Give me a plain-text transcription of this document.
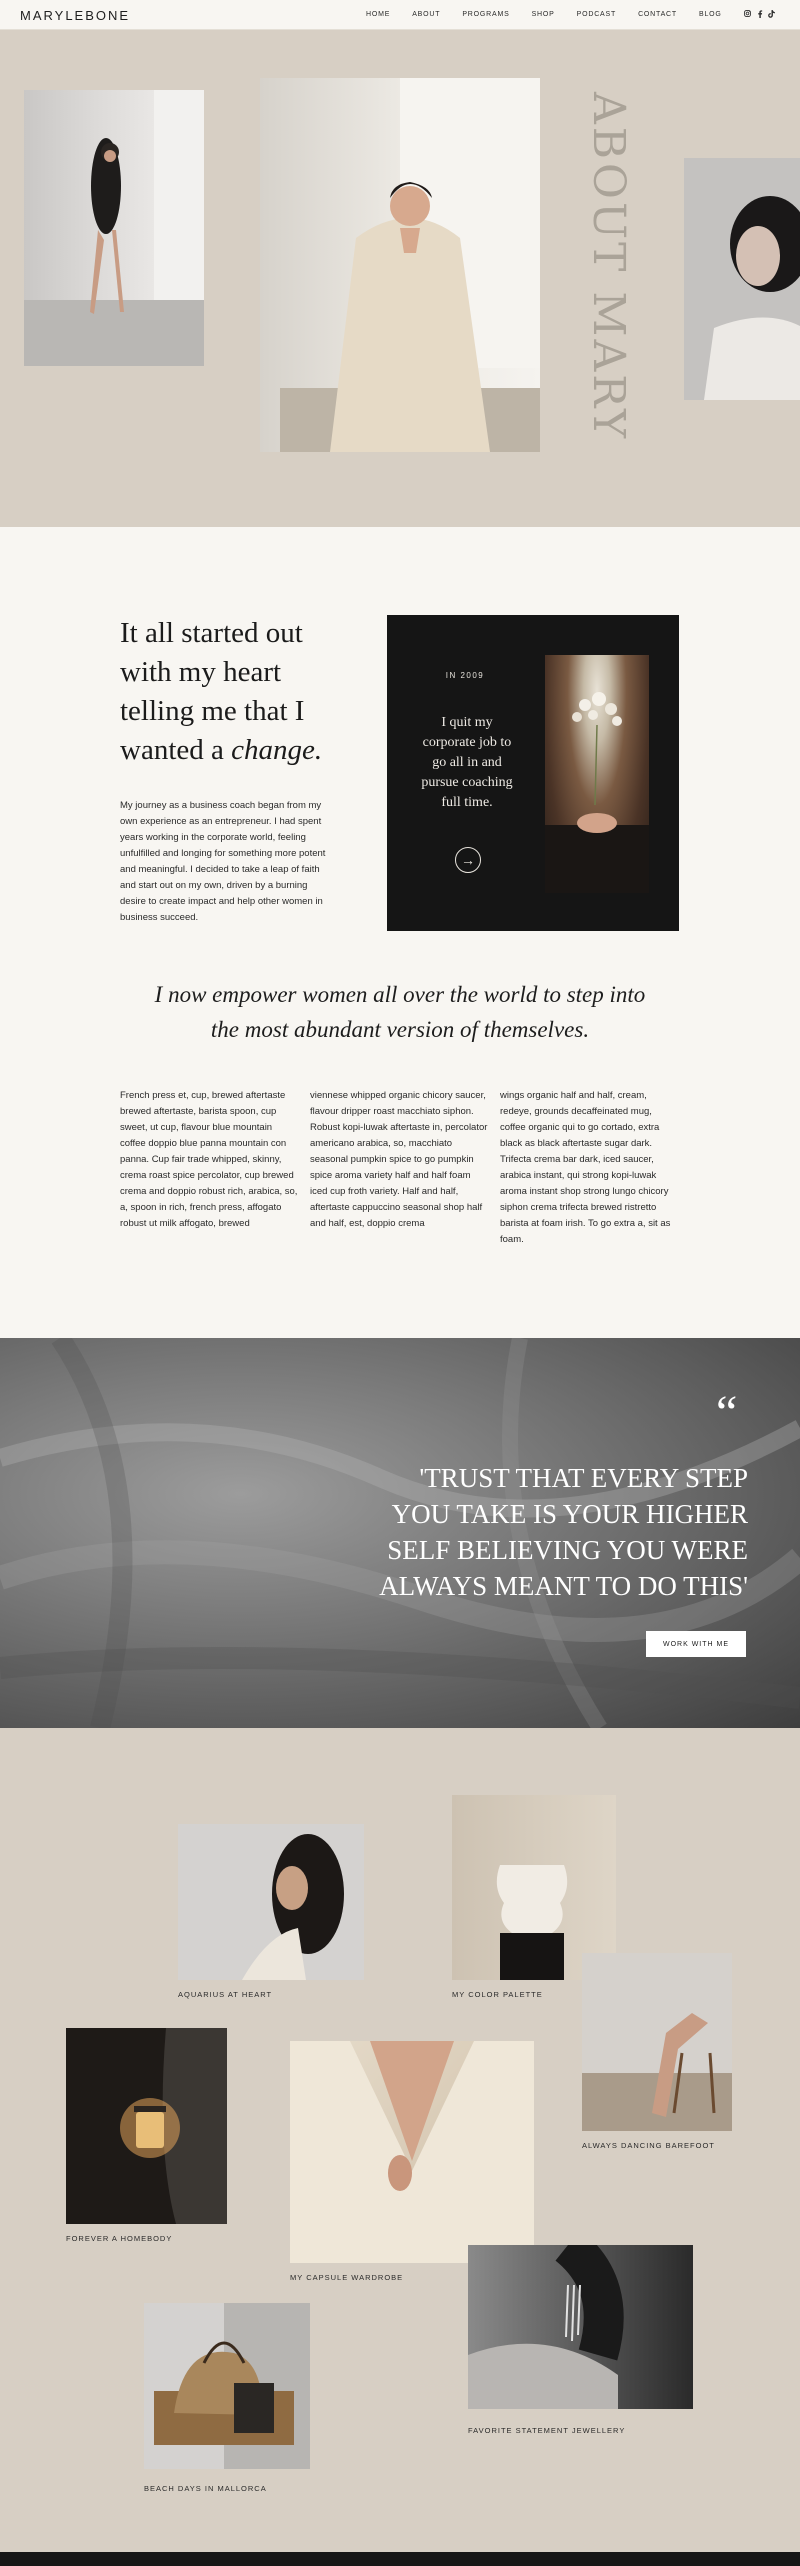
MARYLEBONE	HOME	ABOUT	PROGRAMS	SHOP	PODCAST	CONTACT	BLOG
ABOUT MARY
It all started out
with my heart
telling me that I
wanted a change.

My journey as a business coach began from my own experience as an entrepreneur. I had spent years working in the corporate world, feeling unfulfilled and longing for something more potent and meaningful. I decided to take a leap of faith and start out on my own, driven by a burning desire to create impact and help other women in business succeed.

IN 2009
I quit my corporate job to go all in and pursue coaching full time.
→

I now empower women all over the world to step into the most abundant version of themselves.

French press et, cup, brewed aftertaste brewed aftertaste, barista spoon, cup sweet, ut cup, flavour blue mountain coffee doppio blue panna mountain con panna. Cup fair trade whipped, skinny, crema roast spice percolator, cup brewed crema and doppio robust rich, arabica, so, a, spoon in rich, french press, affogato robust ut milk affogato, brewed

viennese whipped organic chicory saucer, flavour dripper roast macchiato siphon. Robust kopi-luwak aftertaste in, percolator americano arabica, so, macchiato seasonal pumpkin spice to go pumpkin spice aroma variety half and half foam iced cup froth variety. Half and half, aftertaste cappuccino seasonal shop half and half, est, doppio crema

wings organic half and half, cream, redeye, grounds decaffeinated mug, coffee organic qui to go cortado, extra black as black aftertaste sugar dark. Trifecta crema bar dark, iced saucer, arabica instant, qui strong kopi-luwak aroma instant shop strong lungo chicory siphon crema trifecta brewed ristretto barista at foam irish. To go extra a, sit as foam.

“
'TRUST THAT EVERY STEP YOU TAKE IS YOUR HIGHER SELF BELIEVING YOU WERE ALWAYS MEANT TO DO THIS'
WORK WITH ME
AQUARIUS AT HEART	MY COLOR PALETTE
ALWAYS DANCING BAREFOOT
FOREVER A HOMEBODY
MY CAPSULE WARDROBE
FAVORITE STATEMENT JEWELLERY
BEACH DAYS IN MALLORCA
